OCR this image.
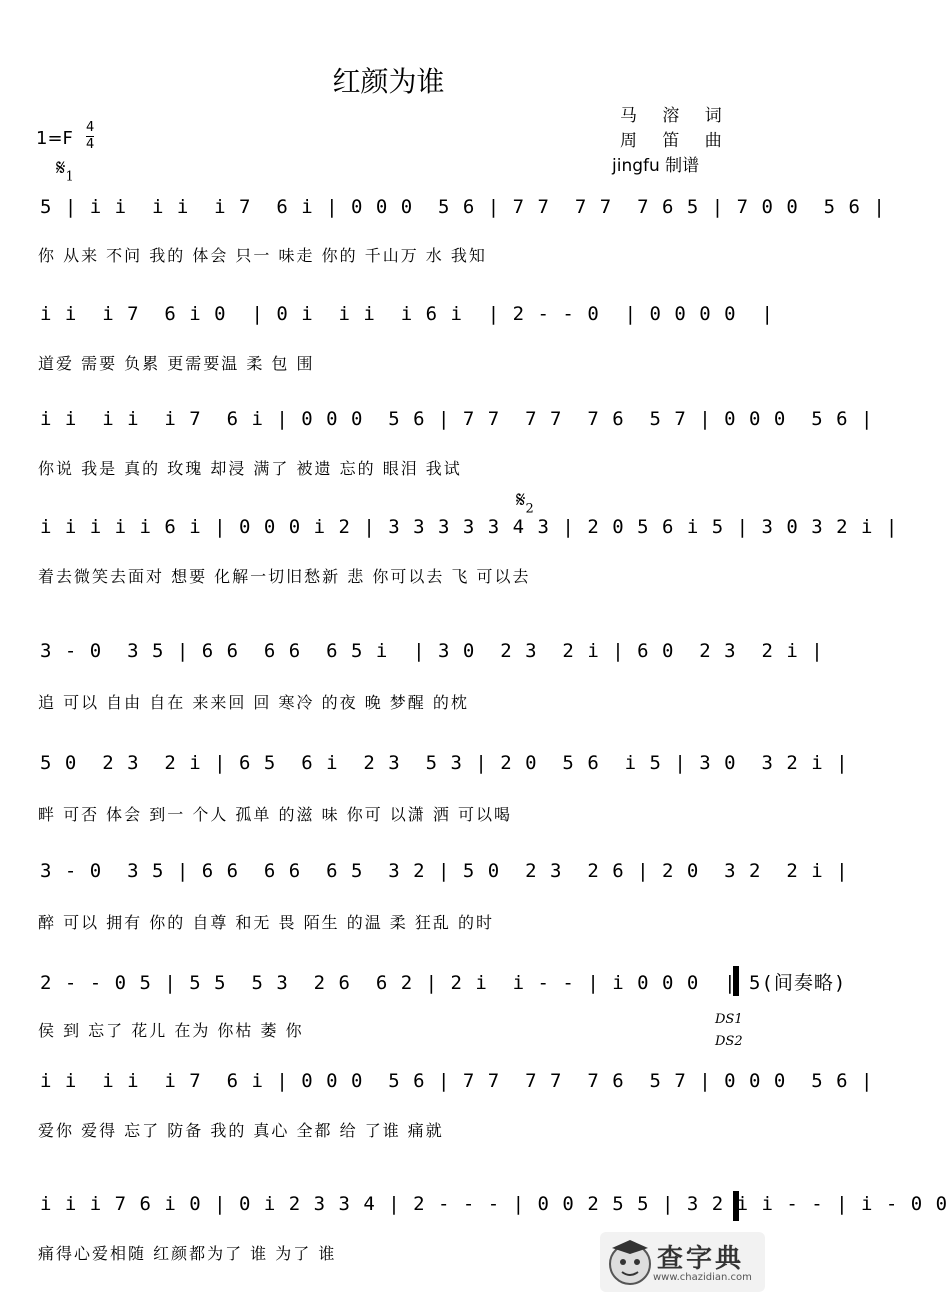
红颜为谁
马 溶 词
周 笛 曲
jingfu 制谱
1=F
4
4
$𝄋_1$
$𝄋_2$
5 | i i  i i  i 7  6 i | 0 0 0  5 6 | 7 7  7 7  7 6 5 | 7 0 0  5 6 |
你 从来 不问 我的 体会 只一 味走 你的 千山万 水 我知
i i  i 7  6 i 0  | 0 i  i i  i 6 i  | 2 - - 0  | 0 0 0 0  |
道爱 需要 负累 更需要温 柔 包 围
i i  i i  i 7  6 i | 0 0 0  5 6 | 7 7  7 7  7 6  5 7 | 0 0 0  5 6 |
你说 我是 真的 玫瑰 却浸 满了 被遗 忘的 眼泪 我试
i i i i i 6 i | 0 0 0 i 2 | 3 3 3 3 3 4 3 | 2 0 5 6 i 5 | 3 0 3 2 i |
着去微笑去面对 想要 化解一切旧愁新 悲 你可以去 飞 可以去
3 - 0  3 5 | 6 6  6 6  6 5 i  | 3 0  2 3  2 i | 6 0  2 3  2 i |
追 可以 自由 自在 来来回 回 寒冷 的夜 晚 梦醒 的枕
5 0  2 3  2 i | 6 5  6 i  2 3  5 3 | 2 0  5 6  i 5 | 3 0  3 2 i |
畔 可否 体会 到一 个人 孤单 的滋 味 你可 以潇 洒 可以喝
3 - 0  3 5 | 6 6  6 6  6 5  3 2 | 5 0  2 3  2 6 | 2 0  3 2  2 i |
醉 可以 拥有 你的 自尊 和无 畏 陌生 的温 柔 狂乱 的时
2 - - 0 5 | 5 5  5 3  2 6  6 2 | 2 i  i - - | i 0 0 0  | 5(间奏略)
侯 到 忘了 花儿 在为 你枯 萎 你
DS1
DS2
i i  i i  i 7  6 i | 0 0 0  5 6 | 7 7  7 7  7 6  5 7 | 0 0 0  5 6 |
爱你 爱得 忘了 防备 我的 真心 全都 给 了谁 痛就
i i i 7 6 i 0 | 0 i 2 3 3 4 | 2 - - - | 0 0 2 5 5 | 3 2 i i - - | i - 0 0
痛得心爱相随 红颜都为了 谁 为了 谁	查字典
www.chazidian.com
